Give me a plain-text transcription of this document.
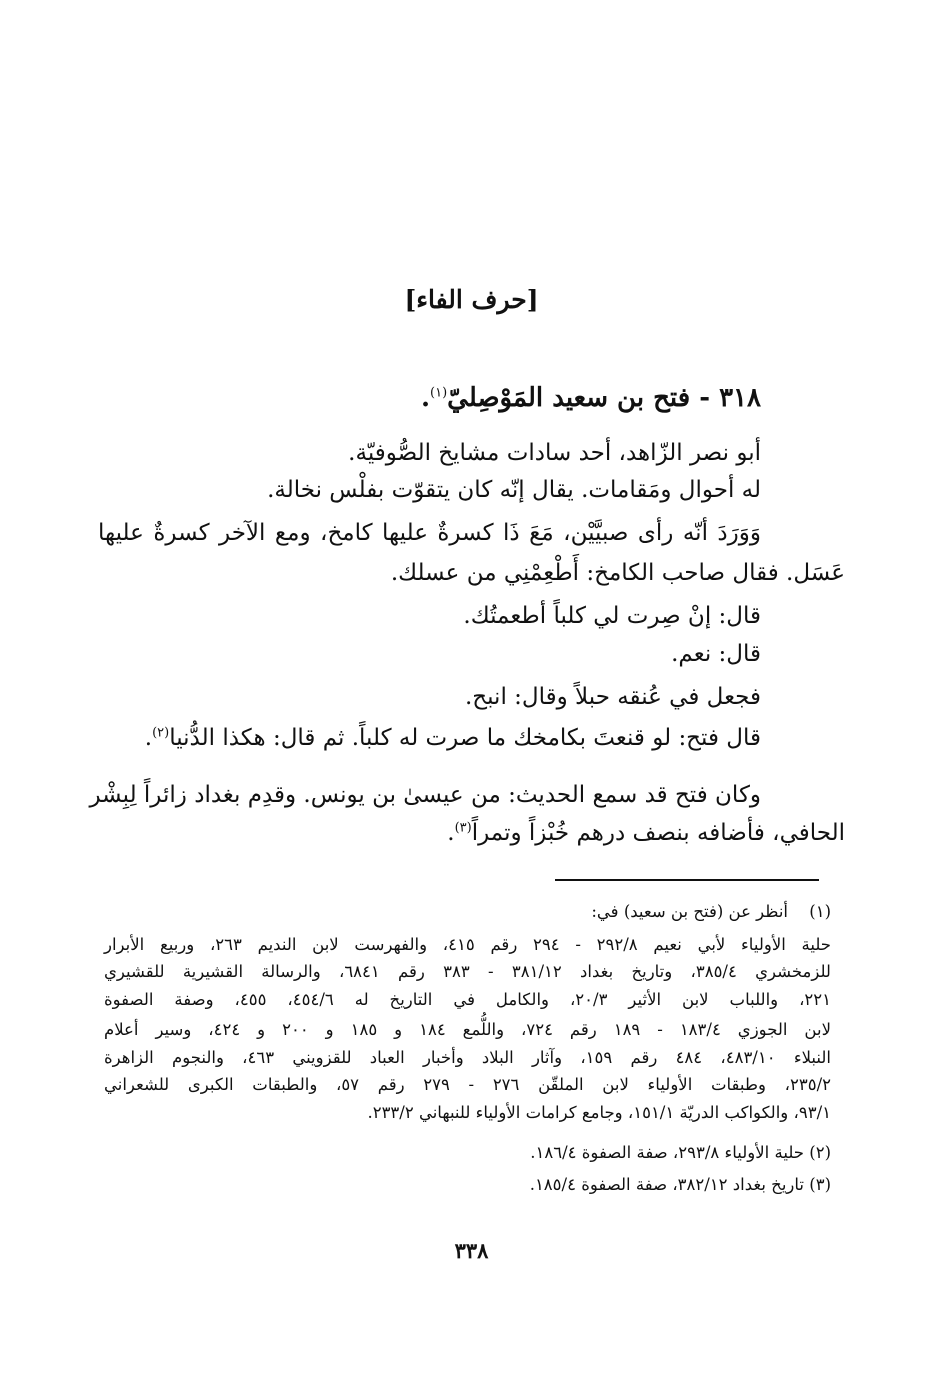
[حرف الفاء]
٣١٨ - فتح بن سعيد المَوْصِليّ$^{(١)}$.
أبو نصر الزّاهد، أحد سادات مشايخ الصُّوفيّة.
له أحوال ومَقامات. يقال إنّه كان يتقوّت بفلْس نخالة.
وَوَرَدَ أنّه رأى صبيَّيْن، مَعَ ذَا كسرةٌ عليها كامخ، ومع الآخر كسرةٌ عليها
عَسَل. فقال صاحب الكامخ: أَطْعِمْنِي من عسلك.
قال: إنْ صِرت لي كلباً أطعمتُك.
قال: نعم.
فجعل في عُنقه حبلاً وقال: انبح.
قال فتح: لو قنعتَ بكامخك ما صرت له كلباً. ثم قال: هكذا الدُّنيا$^{(٢)}$.
وكان فتح قد سمع الحديث: من عيسىٰ بن يونس. وقدِم بغداد زائراً لِبِشْر
الحافي، فأضافه بنصف درهم خُبْزاً وتمراً$^{(٣)}$.
(١)
أنظر عن (فتح بن سعيد) في:
حلية الأولياء لأبي نعيم ٢٩٢/٨ - ٢٩٤ رقم ٤١٥، والفهرست لابن النديم ٢٦٣، وربيع الأبرار
للزمخشري ٣٨٥/٤، وتاريخ بغداد ٣٨١/١٢ - ٣٨٣ رقم ٦٨٤١، والرسالة القشيرية للقشيري
٢٢١، واللباب لابن الأثير ٢٠/٣، والكامل في التاريخ له ٤٥٤/٦، ٤٥٥، وصفة الصفوة
لابن الجوزي ١٨٣/٤ - ١٨٩ رقم ٧٢٤، واللُّمع ١٨٤ و ١٨٥ و ٢٠٠ و ٤٢٤، وسير أعلام
النبلاء ٤٨٣/١٠، ٤٨٤ رقم ١٥٩، وآثار البلاد وأخبار العباد للقزويني ٤٦٣، والنجوم الزاهرة
٢٣٥/٢، وطبقات الأولياء لابن الملقّن ٢٧٦ - ٢٧٩ رقم ٥٧، والطبقات الكبرى للشعراني
٩٣/١، والكواكب الدريّة ١٥١/١، وجامع كرامات الأولياء للنبهاني ٢٣٣/٢.
(٢) حلية الأولياء ٢٩٣/٨، صفة الصفوة ١٨٦/٤.
(٣) تاريخ بغداد ٣٨٢/١٢، صفة الصفوة ١٨٥/٤.
٣٣٨
